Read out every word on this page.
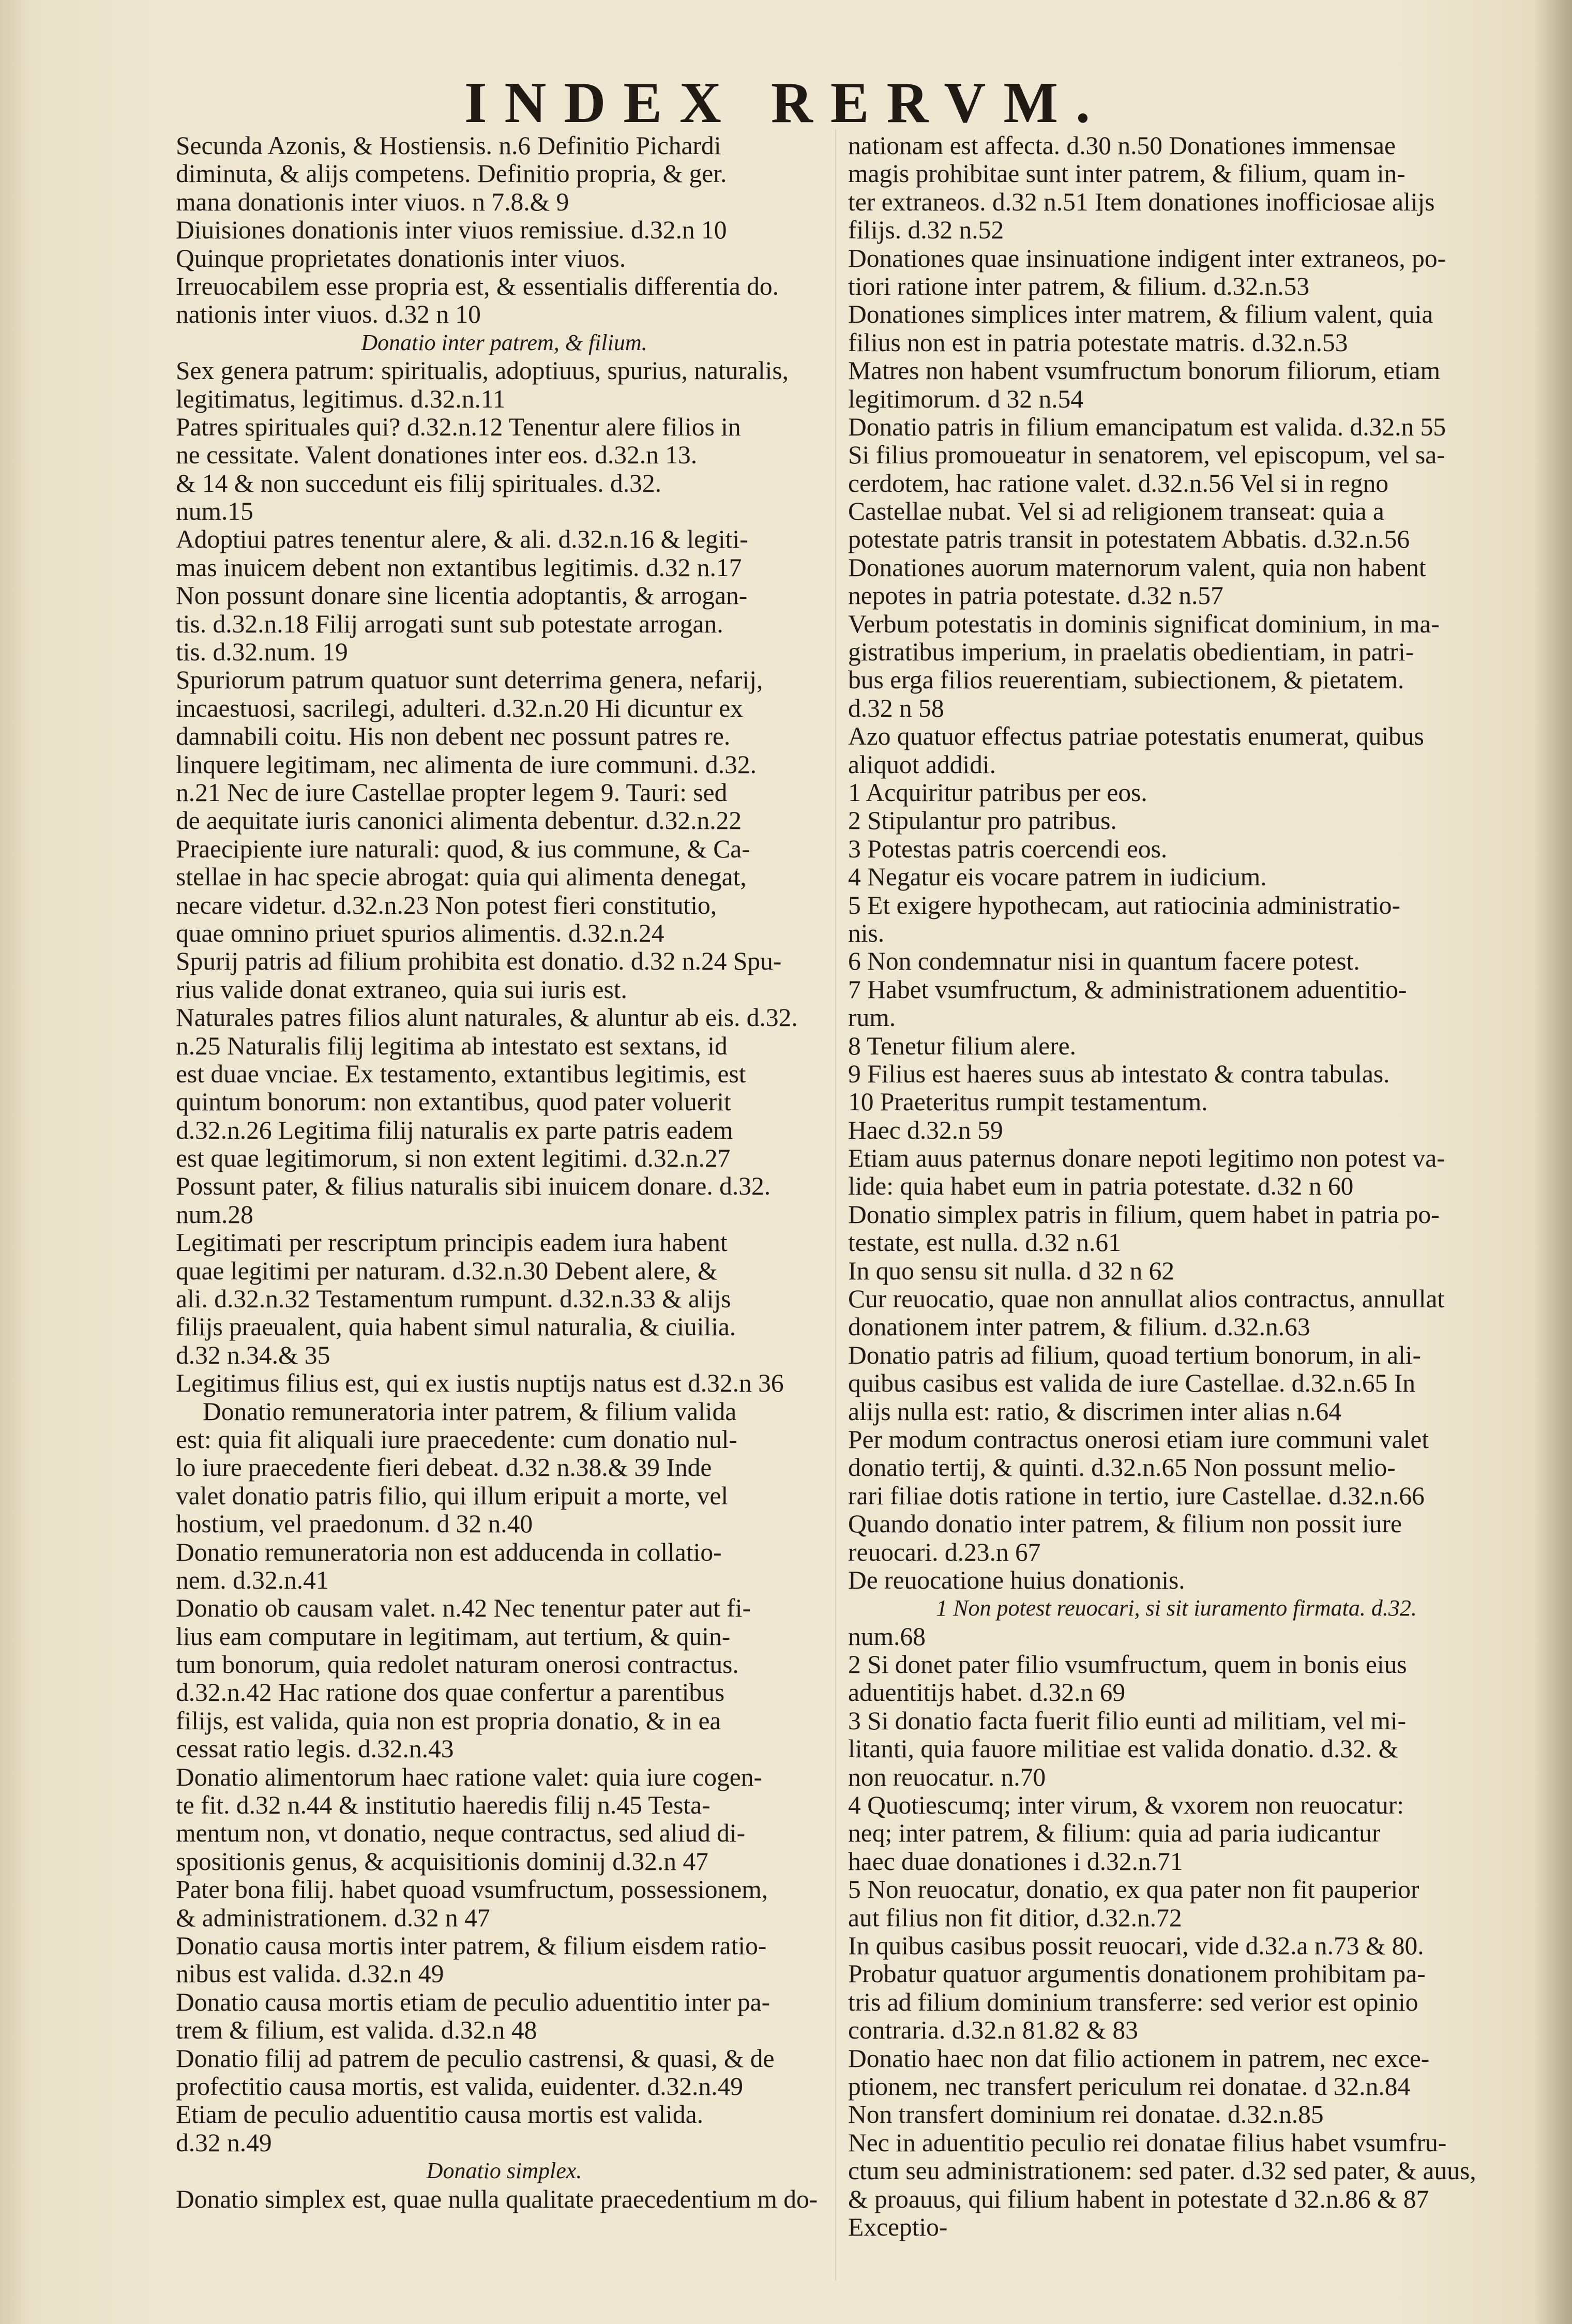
INDEX RERVM.
Secunda Azonis, & Hostiensis. n.6 Definitio Pichardi
diminuta, & alijs competens. Definitio propria, & ger.
mana donationis inter viuos. n 7.8.& 9
Diuisiones donationis inter viuos remissiue. d.32.n 10
Quinque proprietates donationis inter viuos.
Irreuocabilem esse propria est, & essentialis differentia do.
nationis inter viuos. d.32 n 10
Donatio inter patrem, & filium.
Sex genera patrum: spiritualis, adoptiuus, spurius, naturalis,
legitimatus, legitimus. d.32.n.11
Patres spirituales qui? d.32.n.12 Tenentur alere filios in
ne cessitate. Valent donationes inter eos. d.32.n 13.
& 14 & non succedunt eis filij spirituales. d.32.
num.15
Adoptiui patres tenentur alere, & ali. d.32.n.16 & legiti-
mas inuicem debent non extantibus legitimis. d.32 n.17
Non possunt donare sine licentia adoptantis, & arrogan-
tis. d.32.n.18 Filij arrogati sunt sub potestate arrogan.
tis. d.32.num. 19
Spuriorum patrum quatuor sunt deterrima genera, nefarij,
incaestuosi, sacrilegi, adulteri. d.32.n.20 Hi dicuntur ex
damnabili coitu. His non debent nec possunt patres re.
linquere legitimam, nec alimenta de iure communi. d.32.
n.21 Nec de iure Castellae propter legem 9. Tauri: sed
de aequitate iuris canonici alimenta debentur. d.32.n.22
Praecipiente iure naturali: quod, & ius commune, & Ca-
stellae in hac specie abrogat: quia qui alimenta denegat,
necare videtur. d.32.n.23 Non potest fieri constitutio,
quae omnino priuet spurios alimentis. d.32.n.24
Spurij patris ad filium prohibita est donatio. d.32 n.24 Spu-
rius valide donat extraneo, quia sui iuris est.
Naturales patres filios alunt naturales, & aluntur ab eis. d.32.
n.25 Naturalis filij legitima ab intestato est sextans, id
est duae vnciae. Ex testamento, extantibus legitimis, est
quintum bonorum: non extantibus, quod pater voluerit
d.32.n.26 Legitima filij naturalis ex parte patris eadem
est quae legitimorum, si non extent legitimi. d.32.n.27
Possunt pater, & filius naturalis sibi inuicem donare. d.32.
num.28
Legitimati per rescriptum principis eadem iura habent
quae legitimi per naturam. d.32.n.30 Debent alere, &
ali. d.32.n.32 Testamentum rumpunt. d.32.n.33 & alijs
filijs praeualent, quia habent simul naturalia, & ciuilia.
d.32 n.34.& 35
Legitimus filius est, qui ex iustis nuptijs natus est d.32.n 36
Donatio remuneratoria inter patrem, & filium valida
est: quia fit aliquali iure praecedente: cum donatio nul-
lo iure praecedente fieri debeat. d.32 n.38.& 39 Inde
valet donatio patris filio, qui illum eripuit a morte, vel
hostium, vel praedonum. d 32 n.40
Donatio remuneratoria non est adducenda in collatio-
nem. d.32.n.41
Donatio ob causam valet. n.42 Nec tenentur pater aut fi-
lius eam computare in legitimam, aut tertium, & quin-
tum bonorum, quia redolet naturam onerosi contractus.
d.32.n.42 Hac ratione dos quae confertur a parentibus
filijs, est valida, quia non est propria donatio, & in ea
cessat ratio legis. d.32.n.43
Donatio alimentorum haec ratione valet: quia iure cogen-
te fit. d.32 n.44 & institutio haeredis filij n.45 Testa-
mentum non, vt donatio, neque contractus, sed aliud di-
spositionis genus, & acquisitionis dominij d.32.n 47
Pater bona filij. habet quoad vsumfructum, possessionem,
& administrationem. d.32 n 47
Donatio causa mortis inter patrem, & filium eisdem ratio-
nibus est valida. d.32.n 49
Donatio causa mortis etiam de peculio aduentitio inter pa-
trem & filium, est valida. d.32.n 48
Donatio filij ad patrem de peculio castrensi, & quasi, & de
profectitio causa mortis, est valida, euidenter. d.32.n.49
Etiam de peculio aduentitio causa mortis est valida.
d.32 n.49
Donatio simplex.
Donatio simplex est, quae nulla qualitate praecedentium m do-
nationam est affecta. d.30 n.50 Donationes immensae
magis prohibitae sunt inter patrem, & filium, quam in-
ter extraneos. d.32 n.51 Item donationes inofficiosae alijs
filijs. d.32 n.52
Donationes quae insinuatione indigent inter extraneos, po-
tiori ratione inter patrem, & filium. d.32.n.53
Donationes simplices inter matrem, & filium valent, quia
filius non est in patria potestate matris. d.32.n.53
Matres non habent vsumfructum bonorum filiorum, etiam
legitimorum. d 32 n.54
Donatio patris in filium emancipatum est valida. d.32.n 55
Si filius promoueatur in senatorem, vel episcopum, vel sa-
cerdotem, hac ratione valet. d.32.n.56 Vel si in regno
Castellae nubat. Vel si ad religionem transeat: quia a
potestate patris transit in potestatem Abbatis. d.32.n.56
Donationes auorum maternorum valent, quia non habent
nepotes in patria potestate. d.32 n.57
Verbum potestatis in dominis significat dominium, in ma-
gistratibus imperium, in praelatis obedientiam, in patri-
bus erga filios reuerentiam, subiectionem, & pietatem.
d.32 n 58
Azo quatuor effectus patriae potestatis enumerat, quibus
aliquot addidi.
1 Acquiritur patribus per eos.
2 Stipulantur pro patribus.
3 Potestas patris coercendi eos.
4 Negatur eis vocare patrem in iudicium.
5 Et exigere hypothecam, aut ratiocinia administratio-
nis.
6 Non condemnatur nisi in quantum facere potest.
7 Habet vsumfructum, & administrationem aduentitio-
rum.
8 Tenetur filium alere.
9 Filius est haeres suus ab intestato & contra tabulas.
10 Praeteritus rumpit testamentum.
Haec d.32.n 59
Etiam auus paternus donare nepoti legitimo non potest va-
lide: quia habet eum in patria potestate. d.32 n 60
Donatio simplex patris in filium, quem habet in patria po-
testate, est nulla. d.32 n.61
In quo sensu sit nulla. d 32 n 62
Cur reuocatio, quae non annullat alios contractus, annullat
donationem inter patrem, & filium. d.32.n.63
Donatio patris ad filium, quoad tertium bonorum, in ali-
quibus casibus est valida de iure Castellae. d.32.n.65 In
alijs nulla est: ratio, & discrimen inter alias n.64
Per modum contractus onerosi etiam iure communi valet
donatio tertij, & quinti. d.32.n.65 Non possunt melio-
rari filiae dotis ratione in tertio, iure Castellae. d.32.n.66
Quando donatio inter patrem, & filium non possit iure
reuocari. d.23.n 67
De reuocatione huius donationis.
1 Non potest reuocari, si sit iuramento firmata. d.32.
num.68
2 Si donet pater filio vsumfructum, quem in bonis eius
aduentitijs habet. d.32.n 69
3 Si donatio facta fuerit filio eunti ad militiam, vel mi-
litanti, quia fauore militiae est valida donatio. d.32. &
non reuocatur. n.70
4 Quotiescumq; inter virum, & vxorem non reuocatur:
neq; inter patrem, & filium: quia ad paria iudicantur
haec duae donationes i d.32.n.71
5 Non reuocatur, donatio, ex qua pater non fit pauperior
aut filius non fit ditior, d.32.n.72
In quibus casibus possit reuocari, vide d.32.a n.73 & 80.
Probatur quatuor argumentis donationem prohibitam pa-
tris ad filium dominium transferre: sed verior est opinio
contraria. d.32.n 81.82 & 83
Donatio haec non dat filio actionem in patrem, nec exce-
ptionem, nec transfert periculum rei donatae. d 32.n.84
Non transfert dominium rei donatae. d.32.n.85
Nec in aduentitio peculio rei donatae filius habet vsumfru-
ctum seu administrationem: sed pater. d.32 sed pater, & auus,
& proauus, qui filium habent in potestate d 32.n.86 & 87
Exceptio-
